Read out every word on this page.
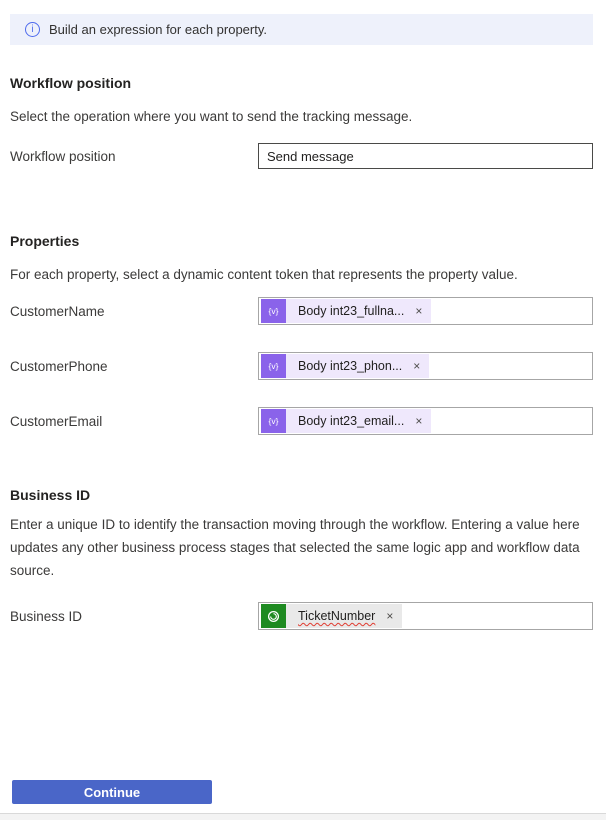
i	Build an expression for each property.
Workflow position
Select the operation where you want to send the tracking message.
Workflow position	Send message
Properties
For each property, select a dynamic content token that represents the property value.
CustomerName	{v}	Body int23_fullna... ×
CustomerPhone	{v}	Body int23_phon... ×
CustomerEmail	{v}	Body int23_email... ×
Business ID
Enter a unique ID to identify the transaction moving through the workflow. Entering a value here updates any other business process stages that selected the same logic app and workflow data source.
Business ID	TicketNumber ×
Continue
